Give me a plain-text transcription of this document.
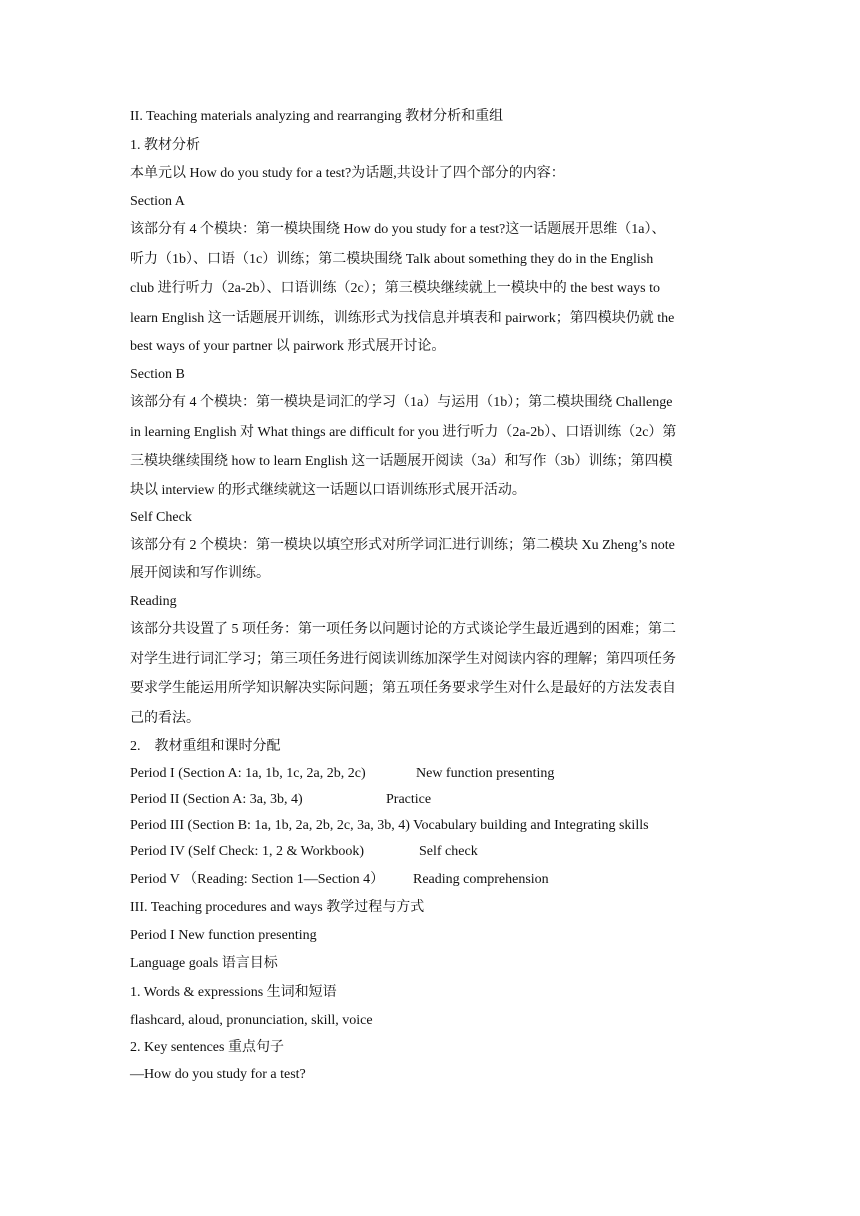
II. Teaching materials analyzing and rearranging 教材分析和重组
1. 教材分析
本单元以 How do you study for a test?为话题,共设计了四个部分的内容：
Section A
该部分有 4 个模块：第一模块围绕 How do you study for a test?这一话题展开思维（1a）、
听力（1b）、口语（1c）训练；第二模块围绕 Talk about something they do in the English
club 进行听力（2a-2b）、口语训练（2c）；第三模块继续就上一模块中的 the best ways to
learn English 这一话题展开训练，训练形式为找信息并填表和 pairwork；第四模块仍就 the
best ways of your partner 以 pairwork 形式展开讨论。
Section B
该部分有 4 个模块：第一模块是词汇的学习（1a）与运用（1b）；第二模块围绕 Challenge
in learning English 对 What things are difficult for you 进行听力（2a-2b）、口语训练（2c）第
三模块继续围绕 how to learn English 这一话题展开阅读（3a）和写作（3b）训练；第四模
块以 interview 的形式继续就这一话题以口语训练形式展开活动。
Self Check
该部分有 2 个模块：第一模块以填空形式对所学词汇进行训练；第二模块 Xu Zheng’s note
展开阅读和写作训练。
Reading
该部分共设置了 5 项任务：第一项任务以问题讨论的方式谈论学生最近遇到的困难；第二
对学生进行词汇学习；第三项任务进行阅读训练加深学生对阅读内容的理解；第四项任务
要求学生能运用所学知识解决实际问题；第五项任务要求学生对什么是最好的方法发表自
己的看法。
2.　教材重组和课时分配
Period I (Section A: 1a, 1b, 1c, 2a, 2b, 2c)	New function presenting
Period II (Section A: 3a, 3b, 4)	Practice
Period III (Section B: 1a, 1b, 2a, 2b, 2c, 3a, 3b, 4) Vocabulary building and Integrating skills
Period IV (Self Check: 1, 2 & Workbook)	Self check
Period V （Reading: Section 1—Section 4） Reading comprehension
III. Teaching procedures and ways 教学过程与方式
Period I New function presenting
Language goals 语言目标
1. Words & expressions 生词和短语
flashcard, aloud, pronunciation, skill, voice
2. Key sentences 重点句子
—How do you study for a test?
